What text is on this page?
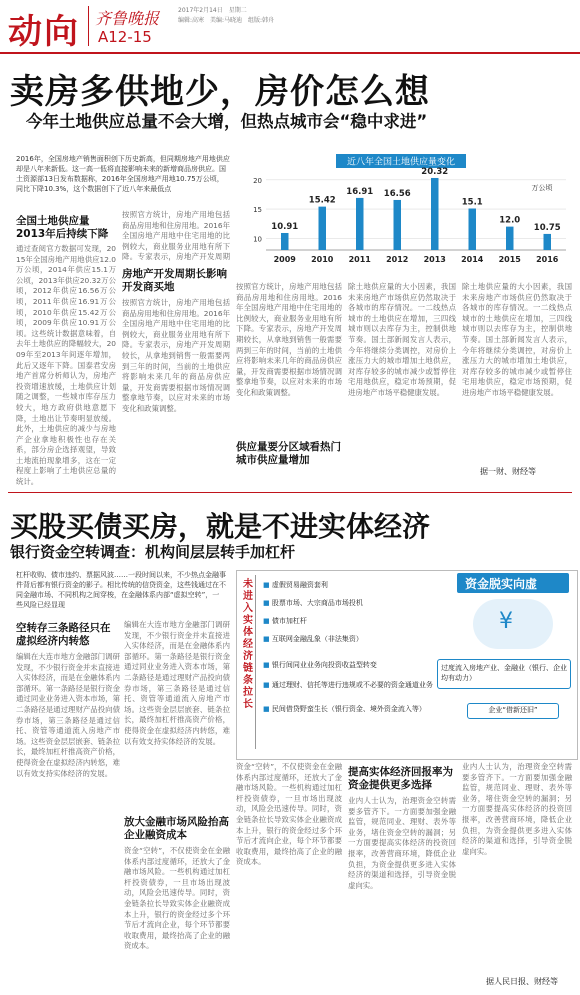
动向 齐鲁晚报
A12-15
2017年2月14日　星期二
编辑:高寒　美编:马晓迪　组版:韩舟
卖房多供地少，房价怎么想
今年土地供应总量不会大增，但热点城市会“稳中求进”
2016年，全国房地产销售面积创下历史新高，但同期房地产用地供应却是八年来新低。这一高一低将直接影响未来的新增商品房供应。国土资源部13日发布数据称，2016年全国房地产用地10.75万公顷，同比下降10.3%，这个数据创下了近八年来最低点
全国土地供应量2013年后持续下降
通过查阅官方数据可发现，2015年全国房地产用地供应12.0万公顷，2014年供应15.1万公顷，2013年供应20.32万公顷，2012年供应16.56万公顷，2011年供应16.91万公顷，2010年供应15.42万公顷，2009年供应10.91万公顷。这些统计数据意味着，自去年土地供应的降幅较大，2009年至2013年间逐年增加，此后又逐年下降。国泰君安房地产首席分析师认为，房地产投资增速放缓，土地供应计划随之调整，一些城市库存压力较大，地方政府供地意愿下降，土地出让节奏明显放缓。此外，土地供应的减少与房地产企业拿地积极性也存在关系，部分房企选择观望，导致土地流拍现象增多，这在一定程度上影响了土地供应总量的统计。
按照官方统计，房地产用地包括商品房用地和住房用地。2016年全国房地产用地中住宅用地的比例较大，商业服务业用地有所下降。专家表示，房地产开发周期
房地产开发周期长影响开发商买地
按照官方统计，房地产用地包括商品房用地和住房用地。2016年全国房地产用地中住宅用地的比例较大，商业服务业用地有所下降。专家表示，房地产开发周期较长，从拿地到销售一般需要两到三年的时间，当前的土地供应将影响未来几年的商品房供应量，开发商需要根据市场情况调整拿地节奏，以应对未来的市场变化和政策调整。
近八年全国土地供应量变化
万公顷
10
15
20
10.91
2009
15.42
2010
16.91
2011
16.56
2012
20.32
2013
15.1
2014
12.0
2015
10.75
2016
按照官方统计，房地产用地包括商品房用地和住房用地。2016年全国房地产用地中住宅用地的比例较大，商业服务业用地有所下降。专家表示，房地产开发周期较长，从拿地到销售一般需要两到三年的时间，当前的土地供应将影响未来几年的商品房供应量，开发商需要根据市场情况调整拿地节奏，以应对未来的市场变化和政策调整。
供应量要分区域看热门城市供应量增加
除土地供应量的大小因素，我国未来房地产市场供应仍然取决于各城市的库存情况。一二线热点城市的土地供应在增加，三四线城市则以去库存为主，控制供地节奏。国土部新闻发言人表示，今年将继续分类调控，对房价上涨压力大的城市增加土地供应，对库存较多的城市减少或暂停住宅用地供应，稳定市场预期，促进房地产市场平稳健康发展。
除土地供应量的大小因素，我国未来房地产市场供应仍然取决于各城市的库存情况。一二线热点城市的土地供应在增加，三四线城市则以去库存为主，控制供地节奏。国土部新闻发言人表示，今年将继续分类调控，对房价上涨压力大的城市增加土地供应，对库存较多的城市减少或暂停住宅用地供应，稳定市场预期，促进房地产市场平稳健康发展。
据一财、财经等
买股买债买房，就是不进实体经济
银行资金空转调查：机构间层层转手加杠杆
杠杆收购、债市违约、票据风波……一段时间以来，不少热点金融事件背后都有银行资金的影子。相比传统的信贷资金，这些钱通过在不同金融市场、不同机构之间穿梭，在金融体系内部“虚拟空转”，一些风险已经显现
空转存三条路径只在虚拟经济内转悠
编辑在大连市地方金融部门调研发现，不少银行资金并未直接进入实体经济，而是在金融体系内部循环。第一条路径是银行资金通过同业业务进入资本市场，第二条路径是通过理财产品投向债券市场，第三条路径是通过信托、资管等通道流入房地产市场。这些资金层层嵌套、链条拉长，最终加杠杆推高资产价格，使得资金在虚拟经济内转悠，难以有效支持实体经济的发展。
编辑在大连市地方金融部门调研发现，不少银行资金并未直接进入实体经济，而是在金融体系内部循环。第一条路径是银行资金通过同业业务进入资本市场，第二条路径是通过理财产品投向债券市场，第三条路径是通过信托、资管等通道流入房地产市场。这些资金层层嵌套、链条拉长，最终加杠杆推高资产价格，使得资金在虚拟经济内转悠，难以有效支持实体经济的发展。
放大金融市场风险抬高企业融资成本
资金“空转”，不仅使资金在金融体系内部过度循环，还放大了金融市场风险。一些机构通过加杠杆投资债券，一旦市场出现波动，风险会迅速传导。同时，资金链条拉长导致实体企业融资成本上升，银行的资金经过多个环节后才流向企业，每个环节都要收取费用，最终抬高了企业的融资成本。
资金脱实向虚
未进入实体经济
链条拉长
过度流入房地产业、金融业（银行、企业均有动力）
企业“借新还旧”
¥
■ 虚假贸易融资套利
■ 股票市场、大宗商品市场投机
■ 债市加杠杆
■ 互联网金融乱象（非法集资）
■ 银行间同业业务向投资收益型转变
■ 通过理财、信托等进行违规或不必要的资金通道业务
■ 民间借贷野蛮生长（银行资金、境外资金流入等）
资金“空转”，不仅使资金在金融体系内部过度循环，还放大了金融市场风险。一些机构通过加杠杆投资债券，一旦市场出现波动，风险会迅速传导。同时，资金链条拉长导致实体企业融资成本上升，银行的资金经过多个环节后才流向企业，每个环节都要收取费用，最终抬高了企业的融资成本。
提高实体经济回报率为资金提供更多选择
业内人士认为，治理资金空转需要多管齐下。一方面要加强金融监管，规范同业、理财、表外等业务，堵住资金空转的漏洞；另一方面要提高实体经济的投资回报率，改善营商环境，降低企业负担，为资金提供更多进入实体经济的渠道和选择，引导资金脱虚向实。
业内人士认为，治理资金空转需要多管齐下。一方面要加强金融监管，规范同业、理财、表外等业务，堵住资金空转的漏洞；另一方面要提高实体经济的投资回报率，改善营商环境，降低企业负担，为资金提供更多进入实体经济的渠道和选择，引导资金脱虚向实。
据人民日报、财经等
